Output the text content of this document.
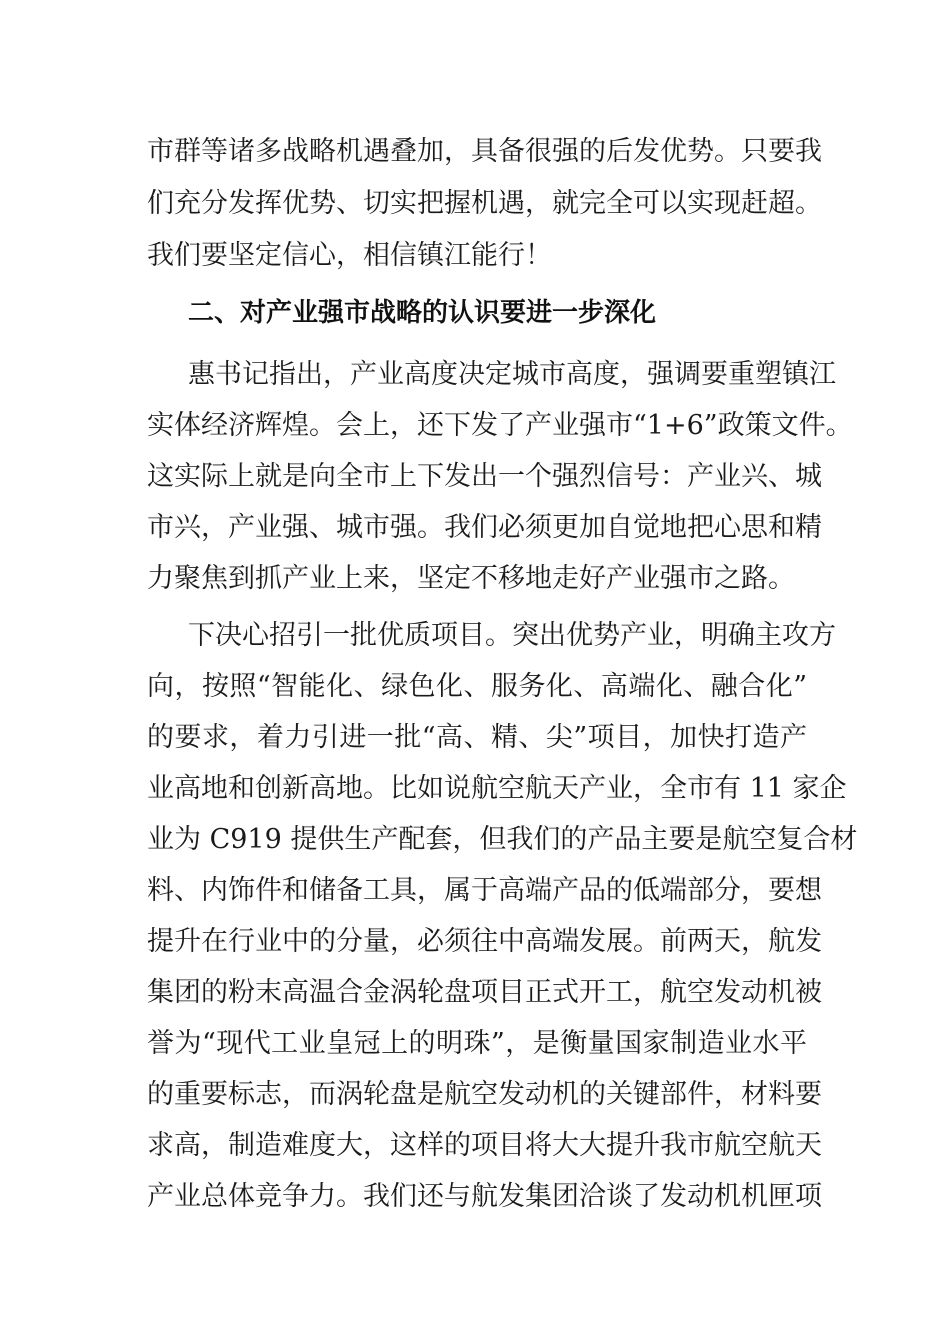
市群等诸多战略机遇叠加，具备很强的后发优势。只要我
们充分发挥优势、切实把握机遇，就完全可以实现赶超。
我们要坚定信心，相信镇江能行！
二、对产业强市战略的认识要进一步深化
惠书记指出，产业高度决定城市高度，强调要重塑镇江
实体经济辉煌。会上，还下发了产业强市“1+6”政策文件。
这实际上就是向全市上下发出一个强烈信号：产业兴、城
市兴，产业强、城市强。我们必须更加自觉地把心思和精
力聚焦到抓产业上来，坚定不移地走好产业强市之路。
下决心招引一批优质项目。突出优势产业，明确主攻方
向，按照“智能化、绿色化、服务化、高端化、融合化”
的要求，着力引进一批“高、精、尖”项目，加快打造产
业高地和创新高地。比如说航空航天产业，全市有 11 家企
业为 C919 提供生产配套，但我们的产品主要是航空复合材
料、内饰件和储备工具，属于高端产品的低端部分，要想
提升在行业中的分量，必须往中高端发展。前两天，航发
集团的粉末高温合金涡轮盘项目正式开工，航空发动机被
誉为“现代工业皇冠上的明珠”，是衡量国家制造业水平
的重要标志，而涡轮盘是航空发动机的关键部件，材料要
求高，制造难度大，这样的项目将大大提升我市航空航天
产业总体竞争力。我们还与航发集团洽谈了发动机机匣项
